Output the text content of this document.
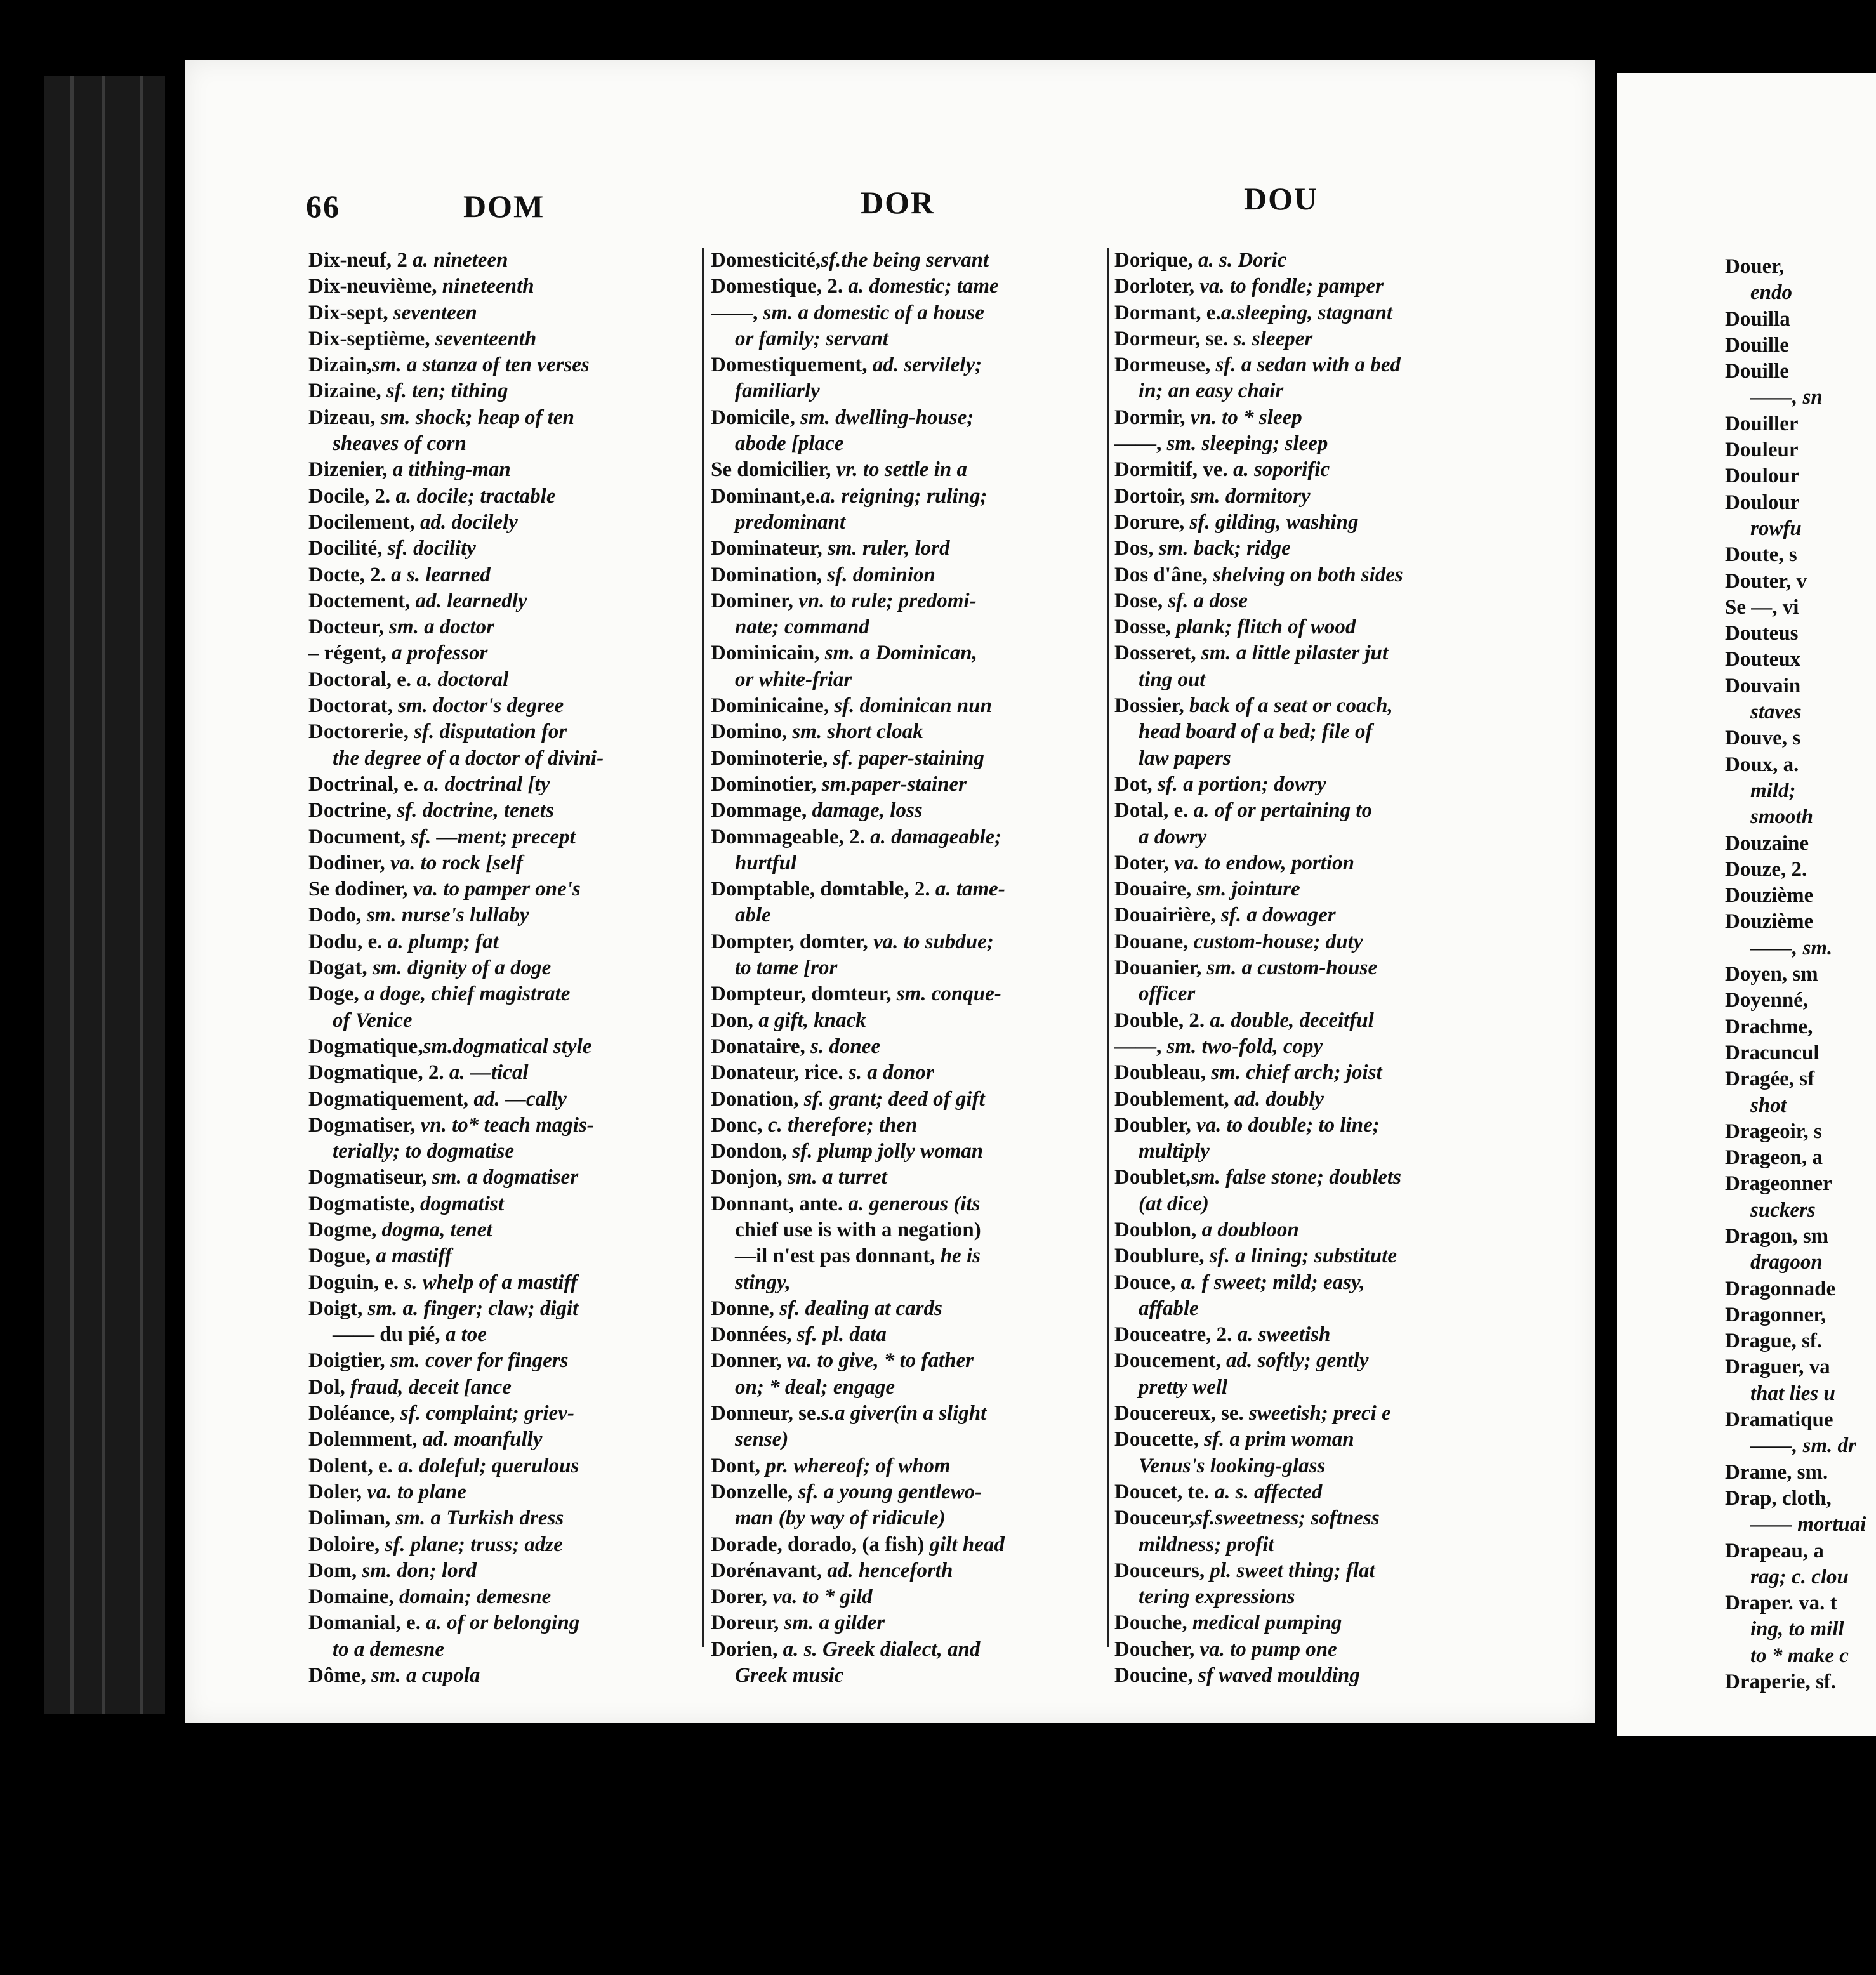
66	DOM	DOR	DOU
Dix-neuf, 2 a. nineteen
Dix-neuvième, nineteenth
Dix-sept, seventeen
Dix-septième, seventeenth
Dizain,sm. a stanza of ten verses
Dizaine, sf. ten; tithing
Dizeau, sm. shock; heap of ten
sheaves of corn
Dizenier, a tithing-man
Docile, 2. a. docile; tractable
Docilement, ad. docilely
Docilité, sf. docility
Docte, 2. a s. learned
Doctement, ad. learnedly
Docteur, sm. a doctor
– régent, a professor
Doctoral, e. a. doctoral
Doctorat, sm. doctor's degree
Doctorerie, sf. disputation for
the degree of a doctor of divini-
Doctrinal, e. a. doctrinal [ty
Doctrine, sf. doctrine, tenets
Document, sf. —ment; precept
Dodiner, va. to rock [self
Se dodiner, va. to pamper one's
Dodo, sm. nurse's lullaby
Dodu, e. a. plump; fat
Dogat, sm. dignity of a doge
Doge, a doge, chief magistrate
of Venice
Dogmatique,sm.dogmatical style
Dogmatique, 2. a. —tical
Dogmatiquement, ad. —cally
Dogmatiser, vn. to* teach magis-
terially; to dogmatise
Dogmatiseur, sm. a dogmatiser
Dogmatiste, dogmatist
Dogme, dogma, tenet
Dogue, a mastiff
Doguin, e. s. whelp of a mastiff
Doigt, sm. a. finger; claw; digit
—— du pié, a toe
Doigtier, sm. cover for fingers
Dol, fraud, deceit [ance
Doléance, sf. complaint; griev-
Dolemment, ad. moanfully
Dolent, e. a. doleful; querulous
Doler, va. to plane
Doliman, sm. a Turkish dress
Doloire, sf. plane; truss; adze
Dom, sm. don; lord
Domaine, domain; demesne
Domanial, e. a. of or belonging
to a demesne
Dôme, sm. a cupola
Domesticité,sf.the being servant
Domestique, 2. a. domestic; tame
——, sm. a domestic of a house
or family; servant
Domestiquement, ad. servilely;
familiarly
Domicile, sm. dwelling-house;
abode [place
Se domicilier, vr. to settle in a
Dominant,e.a. reigning; ruling;
predominant
Dominateur, sm. ruler, lord
Domination, sf. dominion
Dominer, vn. to rule; predomi-
nate; command
Dominicain, sm. a Dominican,
or white-friar
Dominicaine, sf. dominican nun
Domino, sm. short cloak
Dominoterie, sf. paper-staining
Dominotier, sm.paper-stainer
Dommage, damage, loss
Dommageable, 2. a. damageable;
hurtful
Domptable, domtable, 2. a. tame-
able
Dompter, domter, va. to subdue;
to tame [ror
Dompteur, domteur, sm. conque-
Don, a gift, knack
Donataire, s. donee
Donateur, rice. s. a donor
Donation, sf. grant; deed of gift
Donc, c. therefore; then
Dondon, sf. plump jolly woman
Donjon, sm. a turret
Donnant, ante. a. generous (its
chief use is with a negation)
—il n'est pas donnant, he is
stingy,
Donne, sf. dealing at cards
Données, sf. pl. data
Donner, va. to give, * to father
on; * deal; engage
Donneur, se.s.a giver(in a slight
sense)
Dont, pr. whereof; of whom
Donzelle, sf. a young gentlewo-
man (by way of ridicule)
Dorade, dorado, (a fish) gilt head
Dorénavant, ad. henceforth
Dorer, va. to * gild
Doreur, sm. a gilder
Dorien, a. s. Greek dialect, and
Greek music
Dorique, a. s. Doric
Dorloter, va. to fondle; pamper
Dormant, e.a.sleeping, stagnant
Dormeur, se. s. sleeper
Dormeuse, sf. a sedan with a bed
in; an easy chair
Dormir, vn. to * sleep
——, sm. sleeping; sleep
Dormitif, ve. a. soporific
Dortoir, sm. dormitory
Dorure, sf. gilding, washing
Dos, sm. back; ridge
Dos d'âne, shelving on both sides
Dose, sf. a dose
Dosse, plank; flitch of wood
Dosseret, sm. a little pilaster jut
ting out
Dossier, back of a seat or coach,
head board of a bed; file of
law papers
Dot, sf. a portion; dowry
Dotal, e. a. of or pertaining to
a dowry
Doter, va. to endow, portion
Douaire, sm. jointure
Douairière, sf. a dowager
Douane, custom-house; duty
Douanier, sm. a custom-house
officer
Double, 2. a. double, deceitful
——, sm. two-fold, copy
Doubleau, sm. chief arch; joist
Doublement, ad. doubly
Doubler, va. to double; to line;
multiply
Doublet,sm. false stone; doublets
(at dice)
Doublon, a doubloon
Doublure, sf. a lining; substitute
Douce, a. f sweet; mild; easy,
affable
Douceatre, 2. a. sweetish
Doucement, ad. softly; gently
pretty well
Doucereux, se. sweetish; preci e
Doucette, sf. a prim woman
Venus's looking-glass
Doucet, te. a. s. affected
Douceur,sf.sweetness; softness
mildness; profit
Douceurs, pl. sweet thing; flat
tering expressions
Douche, medical pumping
Doucher, va. to pump one
Doucine, sf waved moulding
Douer,
endo
Douilla
Douille
Douille
——, sn
Douiller
Douleur
Doulour
Doulour
rowfu
Doute, s
Douter, v
Se —, vi
Douteus
Douteux
Douvain
staves
Douve, s
Doux, a.
mild;
smooth
Douzaine
Douze, 2.
Douzième
Douzième
——, sm.
Doyen, sm
Doyenné,
Drachme,
Dracuncul
Dragée, sf
shot
Drageoir, s
Drageon, a
Drageonner
suckers
Dragon, sm
dragoon
Dragonnade
Dragonner,
Drague, sf.
Draguer, va
that lies u
Dramatique
——, sm. dr
Drame, sm.
Drap, cloth,
—— mortuai
Drapeau, a
rag; c. clou
Draper. va. t
ing, to mill
to * make c
Draperie, sf.
